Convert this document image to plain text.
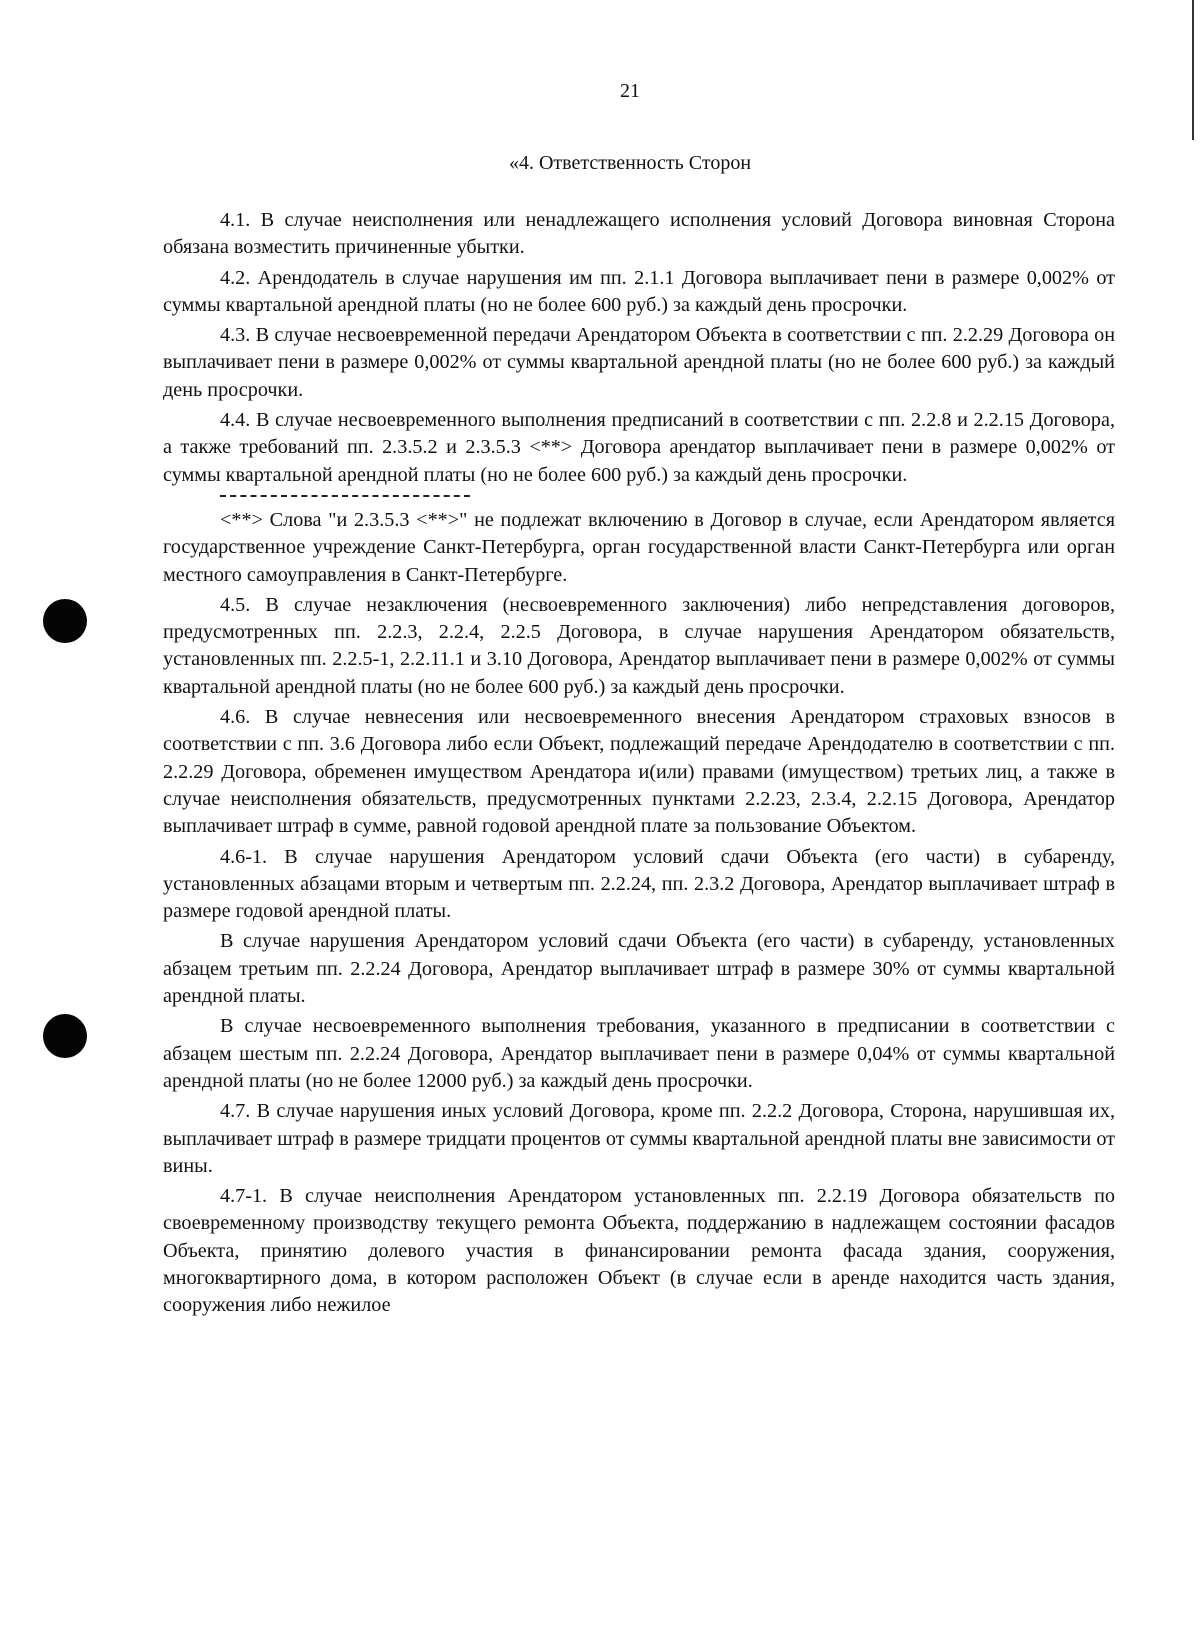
21
«4. Ответственность Сторон

4.1. В случае неисполнения или ненадлежащего исполнения условий Договора виновная Сторона обязана возместить причиненные убытки.

4.2. Арендодатель в случае нарушения им пп. 2.1.1 Договора выплачивает пени в размере 0,002% от суммы квартальной арендной платы (но не более 600 руб.) за каждый день просрочки.

4.3. В случае несвоевременной передачи Арендатором Объекта в соответствии с пп. 2.2.29 Договора он выплачивает пени в размере 0,002% от суммы квартальной арендной платы (но не более 600 руб.) за каждый день просрочки.

4.4. В случае несвоевременного выполнения предписаний в соответствии с пп. 2.2.8 и 2.2.15 Договора, а также требований пп. 2.3.5.2 и 2.3.5.3 <**> Договора арендатор выплачивает пени в размере 0,002% от суммы квартальной арендной платы (но не более 600 руб.) за каждый день просрочки.

<**> Слова "и 2.3.5.3 <**>" не подлежат включению в Договор в случае, если Арендатором является государственное учреждение Санкт-Петербурга, орган государственной власти Санкт-Петербурга или орган местного самоуправления в Санкт-Петербурге.

4.5. В случае незаключения (несвоевременного заключения) либо непредставления договоров, предусмотренных пп. 2.2.3, 2.2.4, 2.2.5 Договора, в случае нарушения Арендатором обязательств, установленных пп. 2.2.5-1, 2.2.11.1 и 3.10 Договора, Арендатор выплачивает пени в размере 0,002% от суммы квартальной арендной платы (но не более 600 руб.) за каждый день просрочки.

4.6. В случае невнесения или несвоевременного внесения Арендатором страховых взносов в соответствии с пп. 3.6 Договора либо если Объект, подлежащий передаче Арендодателю в соответствии с пп. 2.2.29 Договора, обременен имуществом Арендатора и(или) правами (имуществом) третьих лиц, а также в случае неисполнения обязательств, предусмотренных пунктами 2.2.23, 2.3.4, 2.2.15 Договора, Арендатор выплачивает штраф в сумме, равной годовой арендной плате за пользование Объектом.

4.6-1. В случае нарушения Арендатором условий сдачи Объекта (его части) в субаренду, установленных абзацами вторым и четвертым пп. 2.2.24, пп. 2.3.2 Договора, Арендатор выплачивает штраф в размере годовой арендной платы.

В случае нарушения Арендатором условий сдачи Объекта (его части) в субаренду, установленных абзацем третьим пп. 2.2.24 Договора, Арендатор выплачивает штраф в размере 30% от суммы квартальной арендной платы.

В случае несвоевременного выполнения требования, указанного в предписании в соответствии с абзацем шестым пп. 2.2.24 Договора, Арендатор выплачивает пени в размере 0,04% от суммы квартальной арендной платы (но не более 12000 руб.) за каждый день просрочки.

4.7. В случае нарушения иных условий Договора, кроме пп. 2.2.2 Договора, Сторона, нарушившая их, выплачивает штраф в размере тридцати процентов от суммы квартальной арендной платы вне зависимости от вины.

4.7-1. В случае неисполнения Арендатором установленных пп. 2.2.19 Договора обязательств по своевременному производству текущего ремонта Объекта, поддержанию в надлежащем состоянии фасадов Объекта, принятию долевого участия в финансировании ремонта фасада здания, сооружения, многоквартирного дома, в котором расположен Объект (в случае если в аренде находится часть здания, сооружения либо нежилое
